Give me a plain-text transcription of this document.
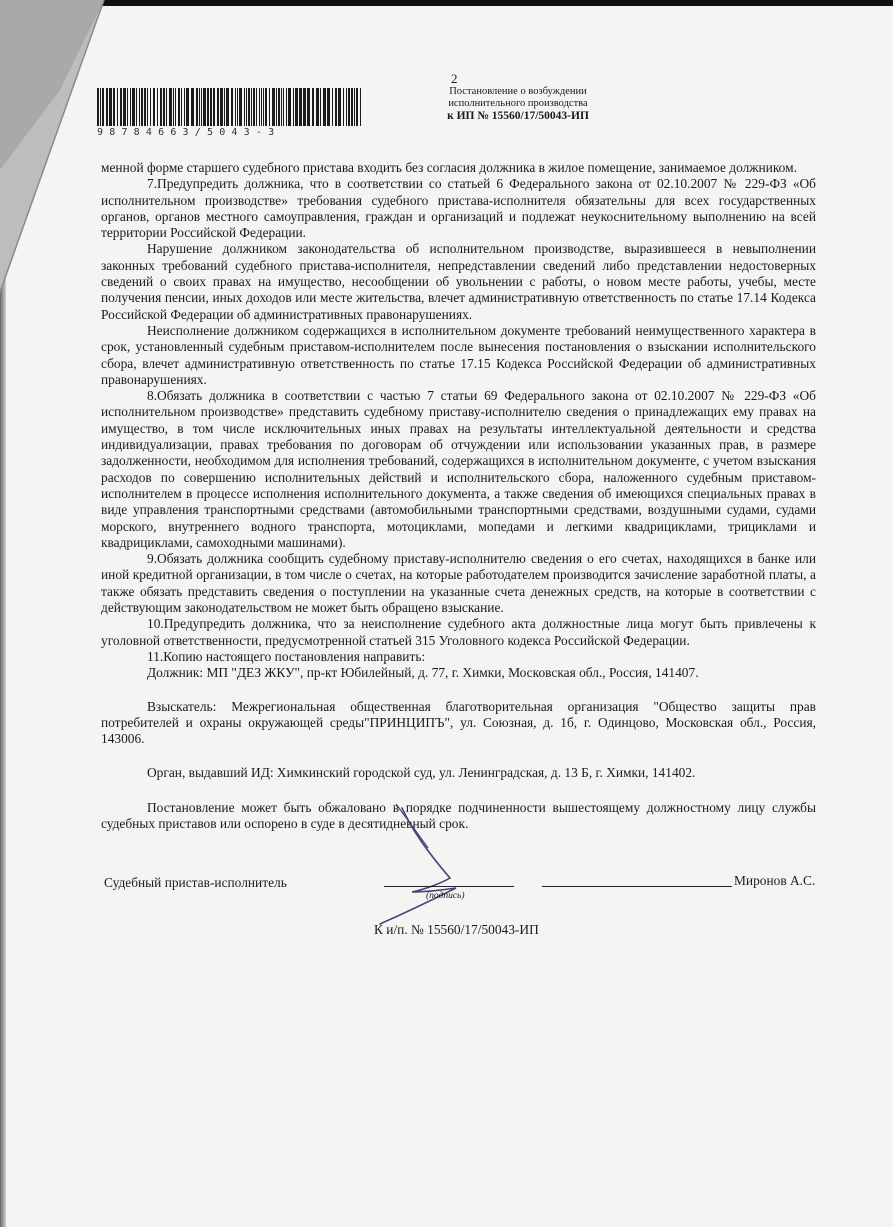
98784663/5043-3
2
Постановление о возбуждении
исполнительного производства
к ИП № 15560/17/50043-ИП

менной форме старшего судебного пристава входить без согласия должника в жилое помещение, занимаемое должником.

7.Предупредить должника, что в соответствии со статьей 6 Федерального закона от 02.10.2007 № 229-ФЗ «Об исполнительном производстве» требования судебного пристава-исполнителя обязательны для всех государственных органов, органов местного самоуправления, граждан и организаций и подлежат неукоснительному выполнению на всей территории Российской Федерации.

Нарушение должником законодательства об исполнительном производстве, выразившееся в невыполнении законных требований судебного пристава-исполнителя, непредставлении сведений либо представлении недостоверных сведений о своих правах на имущество, несообщении об увольнении с работы, о новом месте работы, учебы, месте получения пенсии, иных доходов или месте жительства, влечет административную ответственность по статье 17.14 Кодекса Российской Федерации об административных правонарушениях.

Неисполнение должником содержащихся в исполнительном документе требований неимущественного характера в срок, установленный судебным приставом-исполнителем после вынесения постановления о взыскании исполнительского сбора, влечет административную ответственность по статье 17.15 Кодекса Российской Федерации об административных правонарушениях.

8.Обязать должника в соответствии с частью 7 статьи 69 Федерального закона от 02.10.2007 № 229-ФЗ «Об исполнительном производстве» представить судебному приставу-исполнителю сведения о принадлежащих ему правах на имущество, в том числе исключительных иных правах на результаты интеллектуальной деятельности и средства индивидуализации, правах требования по договорам об отчуждении или использовании указанных прав, в размере задолженности, необходимом для исполнения требований, содержащихся в исполнительном документе, с учетом взыскания расходов по совершению исполнительных действий и исполнительского сбора, наложенного судебным приставом-исполнителем в процессе исполнения исполнительного документа, а также сведения об имеющихся специальных правах в виде управления транспортными средствами (автомобильными транспортными средствами, воздушными судами, судами морского, внутреннего водного транспорта, мотоциклами, мопедами и легкими квадрициклами, трициклами и квадрициклами, самоходными машинами).

9.Обязать должника сообщить судебному приставу-исполнителю сведения о его счетах, находящихся в банке или иной кредитной организации, в том числе о счетах, на которые работодателем производится зачисление заработной платы, а также обязать представить сведения о поступлении на указанные счета денежных средств, на которые в соответствии с действующим законодательством не может быть обращено взыскание.

10.Предупредить должника, что за неисполнение судебного акта должностные лица могут быть привлечены к уголовной ответственности, предусмотренной статьей 315 Уголовного кодекса Российской Федерации.

11.Копию настоящего постановления направить:

Должник: МП "ДЕЗ ЖКУ", пр-кт Юбилейный, д. 77, г. Химки, Московская обл., Россия, 141407.

Взыскатель: Межрегиональная общественная благотворительная организация "Общество защиты прав потребителей и охраны окружающей среды"ПРИНЦИПЪ", ул. Союзная, д. 1б, г. Одинцово, Московская обл., Россия, 143006.

Орган, выдавший ИД: Химкинский городской суд, ул. Ленинградская, д. 13 Б, г. Химки, 141402.

Постановление может быть обжаловано в порядке подчиненности вышестоящему должностному лицу службы судебных приставов или оспорено в суде в десятидневный срок.

Судебный пристав-исполнитель	Миронов А.С.
(подпись)
К и/п. № 15560/17/50043-ИП
